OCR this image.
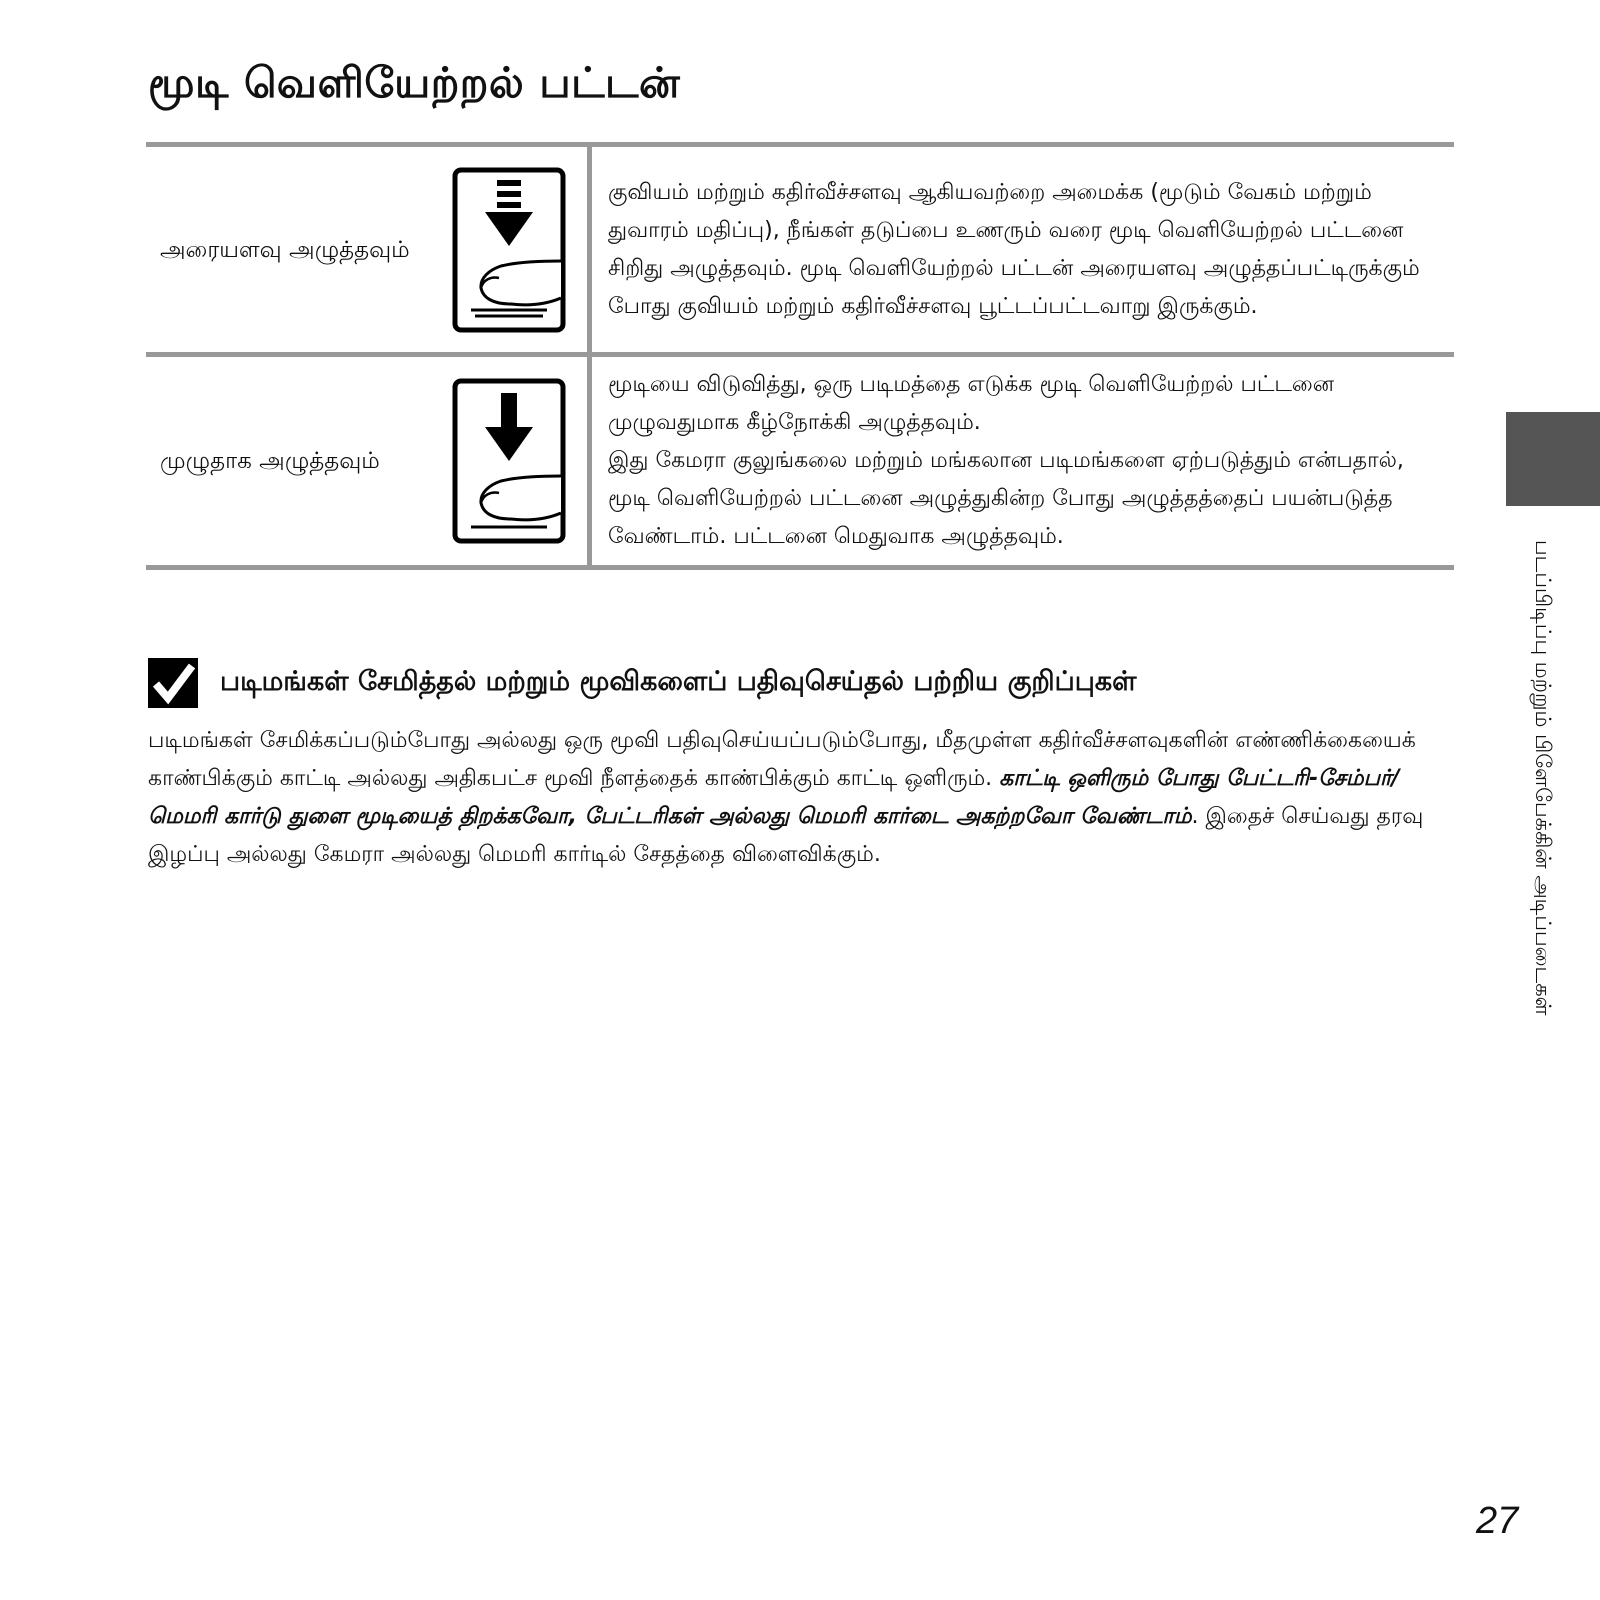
மூடி வெளியேற்றல் பட்டன்
அரையளவு அழுத்தவும்		குவியம் மற்றும் கதிர்வீச்சளவு ஆகியவற்றை அமைக்க (மூடும் வேகம் மற்றும் துவாரம் மதிப்பு), நீங்கள் தடுப்பை உணரும் வரை மூடி வெளியேற்றல் பட்டனை சிறிது அழுத்தவும். மூடி வெளியேற்றல் பட்டன் அரையளவு அழுத்தப்பட்டிருக்கும் போது குவியம் மற்றும் கதிர்வீச்சளவு பூட்டப்பட்டவாறு இருக்கும்.
முழுதாக அழுத்தவும்		மூடியை விடுவித்து, ஒரு படிமத்தை எடுக்க மூடி வெளியேற்றல் பட்டனை முழுவதுமாக கீழ்நோக்கி அழுத்தவும்.
இது கேமரா குலுங்கலை மற்றும் மங்கலான படிமங்களை ஏற்படுத்தும் என்பதால், மூடி வெளியேற்றல் பட்டனை அழுத்துகின்ற போது அழுத்தத்தைப் பயன்படுத்த வேண்டாம். பட்டனை மெதுவாக அழுத்தவும்.
படிமங்கள் சேமித்தல் மற்றும் மூவிகளைப் பதிவுசெய்தல் பற்றிய குறிப்புகள்

படிமங்கள் சேமிக்கப்படும்போது அல்லது ஒரு மூவி பதிவுசெய்யப்படும்போது, மீதமுள்ள கதிர்வீச்சளவுகளின் எண்ணிக்கையைக் காண்பிக்கும் காட்டி அல்லது அதிகபட்ச மூவி நீளத்தைக் காண்பிக்கும் காட்டி ஒளிரும். காட்டி ஒளிரும் போது பேட்டரி-சேம்பர்/ மெமரி கார்டு துளை மூடியைத் திறக்கவோ, பேட்டரிகள் அல்லது மெமரி கார்டை அகற்றவோ வேண்டாம். இதைச் செய்வது தரவு இழப்பு அல்லது கேமரா அல்லது மெமரி கார்டில் சேதத்தை விளைவிக்கும்.	படப்பிடிப்பு மற்றும் பிளேபேக்கின் அடிப்படைகள்
27
